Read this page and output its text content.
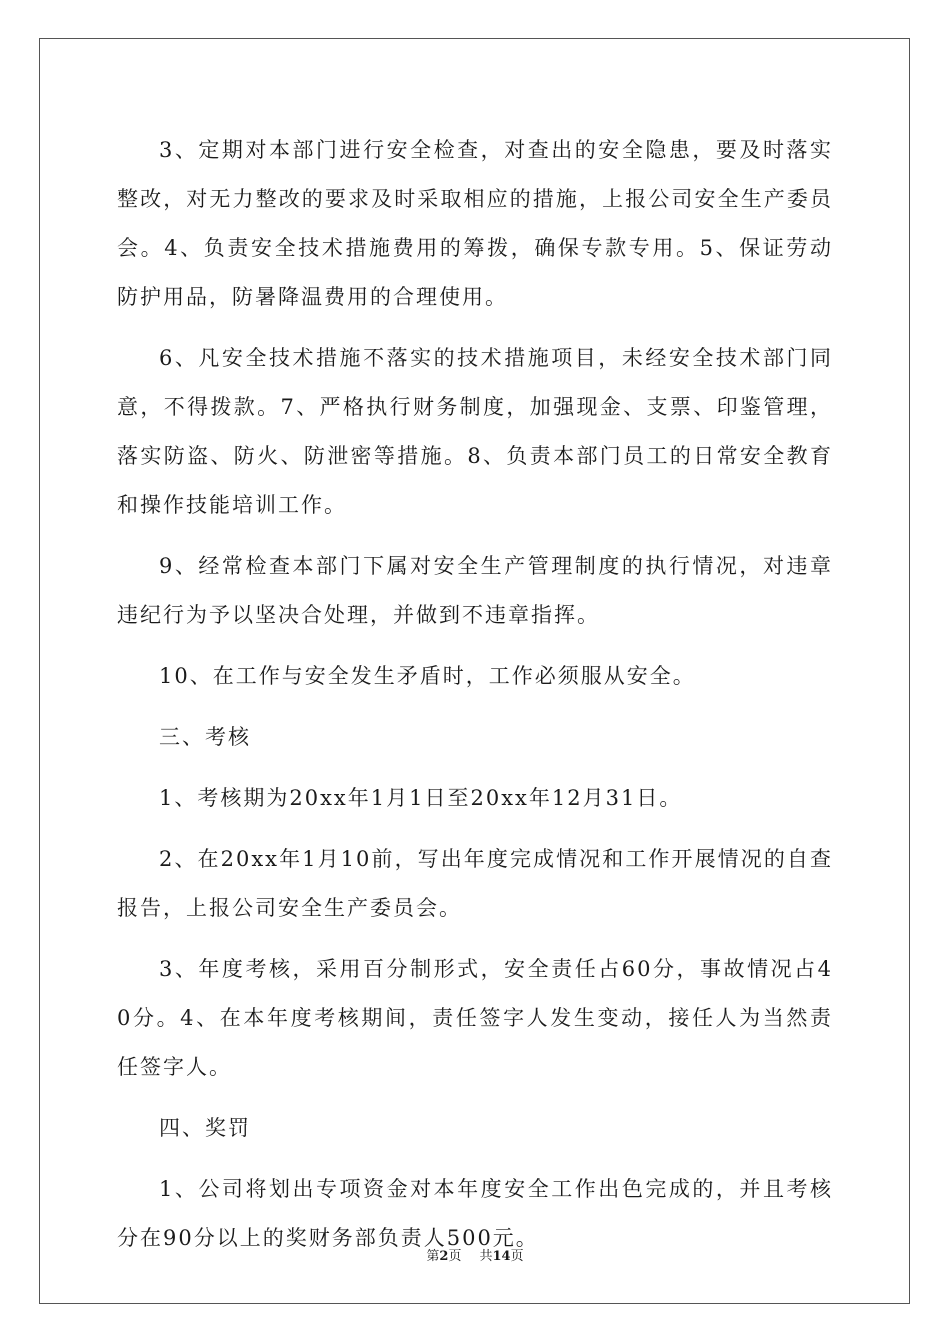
3、定期对本部门进行安全检查，对查出的安全隐患，要及时落实整改，对无力整改的要求及时采取相应的措施，上报公司安全生产委员会。4、负责安全技术措施费用的筹拨，确保专款专用。5、保证劳动防护用品，防暑降温费用的合理使用。

6、凡安全技术措施不落实的技术措施项目，未经安全技术部门同意，不得拨款。7、严格执行财务制度，加强现金、支票、印鉴管理，落实防盗、防火、防泄密等措施。8、负责本部门员工的日常安全教育和操作技能培训工作。

9、经常检查本部门下属对安全生产管理制度的执行情况，对违章违纪行为予以坚决合处理，并做到不违章指挥。

10、在工作与安全发生矛盾时，工作必须服从安全。

三、考核

1、考核期为20xx年1月1日至20xx年12月31日。

2、在20xx年1月10前，写出年度完成情况和工作开展情况的自查报告，上报公司安全生产委员会。

3、年度考核，采用百分制形式，安全责任占60分，事故情况占40分。4、在本年度考核期间，责任签字人发生变动，接任人为当然责任签字人。

四、奖罚

1、公司将划出专项资金对本年度安全工作出色完成的，并且考核分在90分以上的奖财务部负责人500元。

第2页 共14页
